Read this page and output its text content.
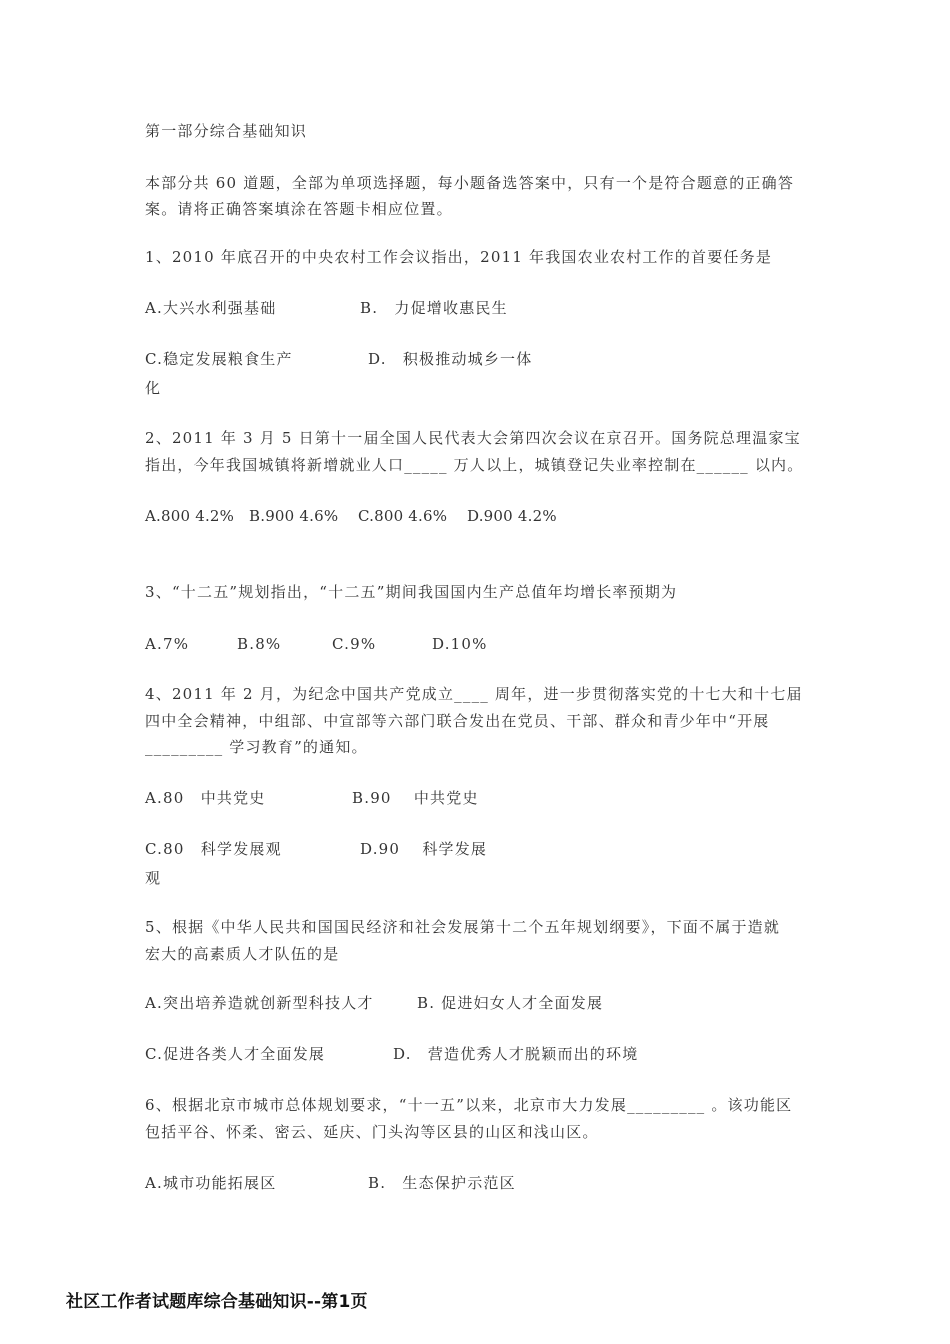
第一部分综合基础知识
本部分共 60 道题，全部为单项选择题，每小题备选答案中，只有一个是符合题意的正确答
案。请将正确答案填涂在答题卡相应位置。
1、2010 年底召开的中央农村工作会议指出，2011 年我国农业农村工作的首要任务是
A.大兴水利强基础	B.　力促增收惠民生
C.稳定发展粮食生产	D.　积极推动城乡一体
化
2、2011 年 3 月 5 日第十一届全国人民代表大会第四次会议在京召开。国务院总理温家宝
指出，今年我国城镇将新增就业人口_____ 万人以上，城镇登记失业率控制在______ 以内。
A.800 4.2% B.900 4.6% C.800 4.6% D.900 4.2%
3、“十二五”规划指出，“十二五”期间我国国内生产总值年均增长率预期为
A.7%	B.8%	C.9%	D.10%
4、2011 年 2 月，为纪念中国共产党成立____ 周年，进一步贯彻落实党的十七大和十七届
四中全会精神，中组部、中宣部等六部门联合发出在党员、干部、群众和青少年中“开展
_________ 学习教育”的通知。
A.80　中共党史	B.90　 中共党史
C.80　科学发展观	D.90　 科学发展
观
5、根据《中华人民共和国国民经济和社会发展第十二个五年规划纲要》，下面不属于造就
宏大的高素质人才队伍的是
A.突出培养造就创新型科技人才	B. 促进妇女人才全面发展
C.促进各类人才全面发展	D.　营造优秀人才脱颖而出的环境
6、根据北京市城市总体规划要求，“十一五”以来，北京市大力发展_________ 。该功能区
包括平谷、怀柔、密云、延庆、门头沟等区县的山区和浅山区。
A.城市功能拓展区	B.　生态保护示范区
社区工作者试题库综合基础知识--第1页
